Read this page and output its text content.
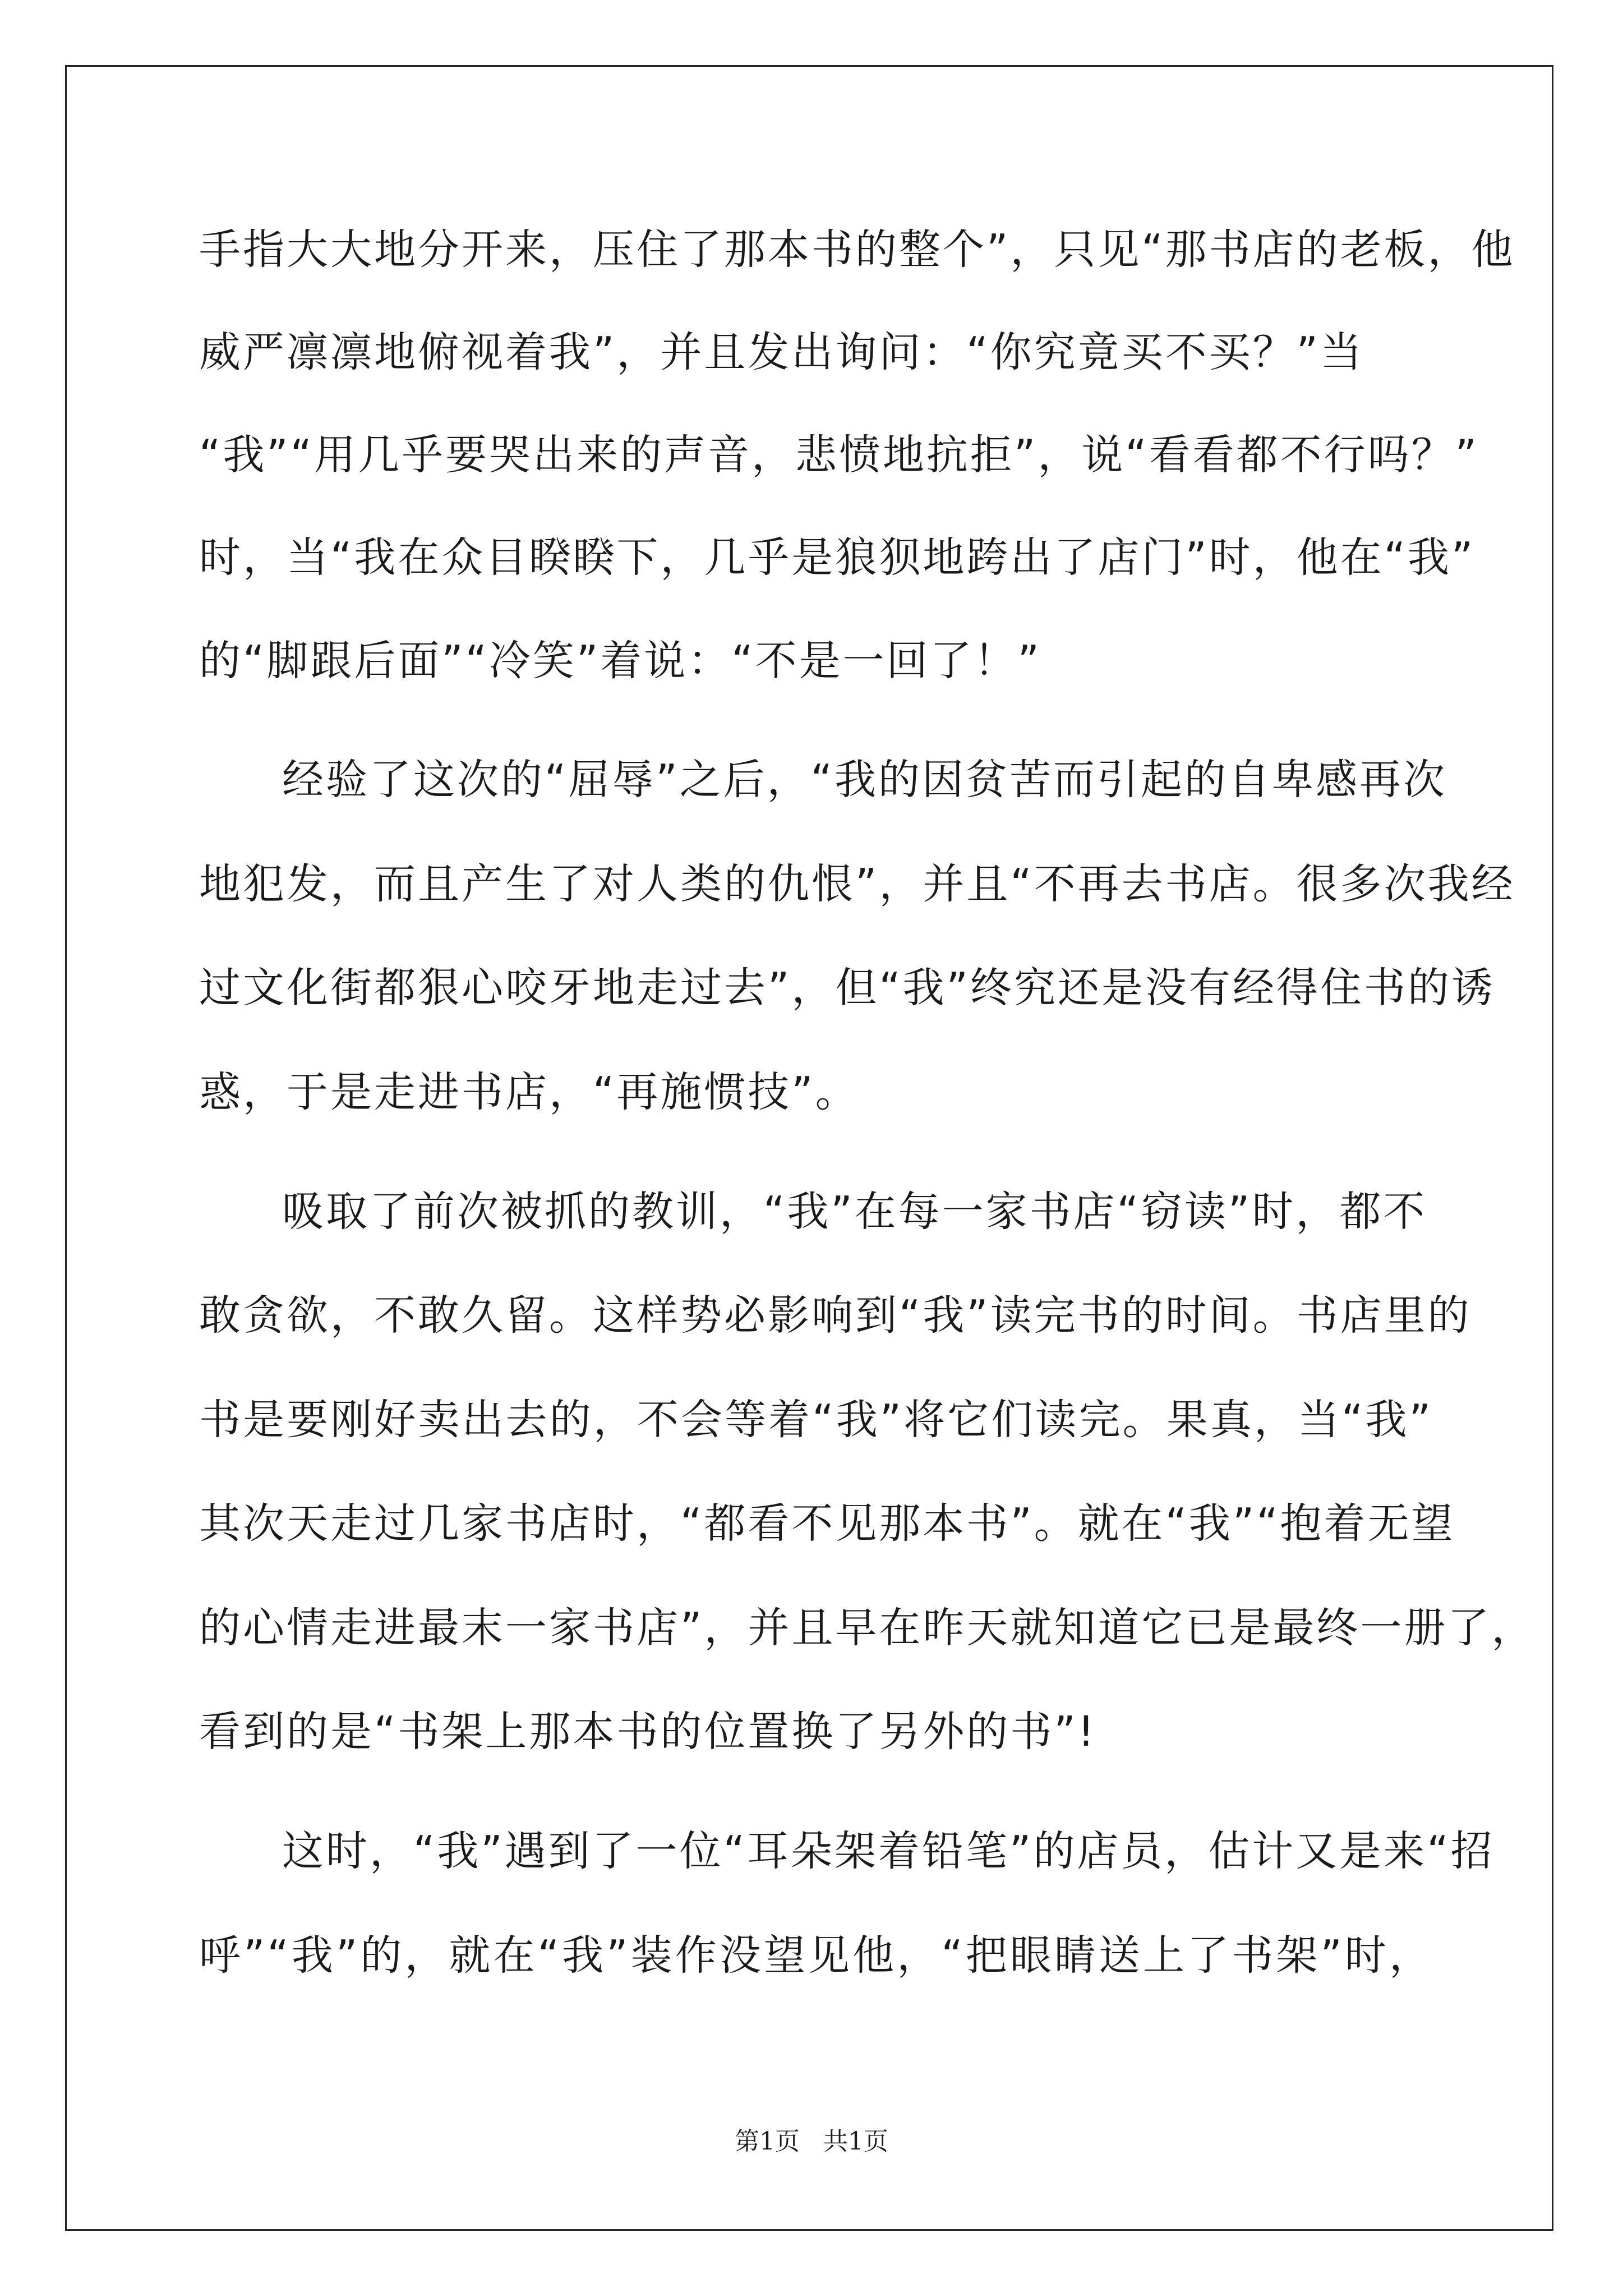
手指大大地分开来，压住了那本书的整个”，只见“那书店的老板，他
威严凛凛地俯视着我”，并且发出询问：“你究竟买不买？”当
“我”“用几乎要哭出来的声音，悲愤地抗拒”，说“看看都不行吗？”
时，当“我在众目睽睽下，几乎是狼狈地跨出了店门”时，他在“我”
的“脚跟后面”“冷笑”着说：“不是一回了！”
经验了这次的“屈辱”之后，“我的因贫苦而引起的自卑感再次
地犯发，而且产生了对人类的仇恨”，并且“不再去书店。很多次我经
过文化街都狠心咬牙地走过去”，但“我”终究还是没有经得住书的诱
惑，于是走进书店，“再施惯技”。
吸取了前次被抓的教训，“我”在每一家书店“窃读”时，都不
敢贪欲，不敢久留。这样势必影响到“我”读完书的时间。书店里的
书是要刚好卖出去的，不会等着“我”将它们读完。果真，当“我”
其次天走过几家书店时，“都看不见那本书”。就在“我”“抱着无望
的心情走进最末一家书店”，并且早在昨天就知道它已是最终一册了，
看到的是“书架上那本书的位置换了另外的书”!
这时，“我”遇到了一位“耳朵架着铅笔”的店员，估计又是来“招
呼”“我”的，就在“我”装作没望见他，“把眼睛送上了书架”时，
第1页 共1页
